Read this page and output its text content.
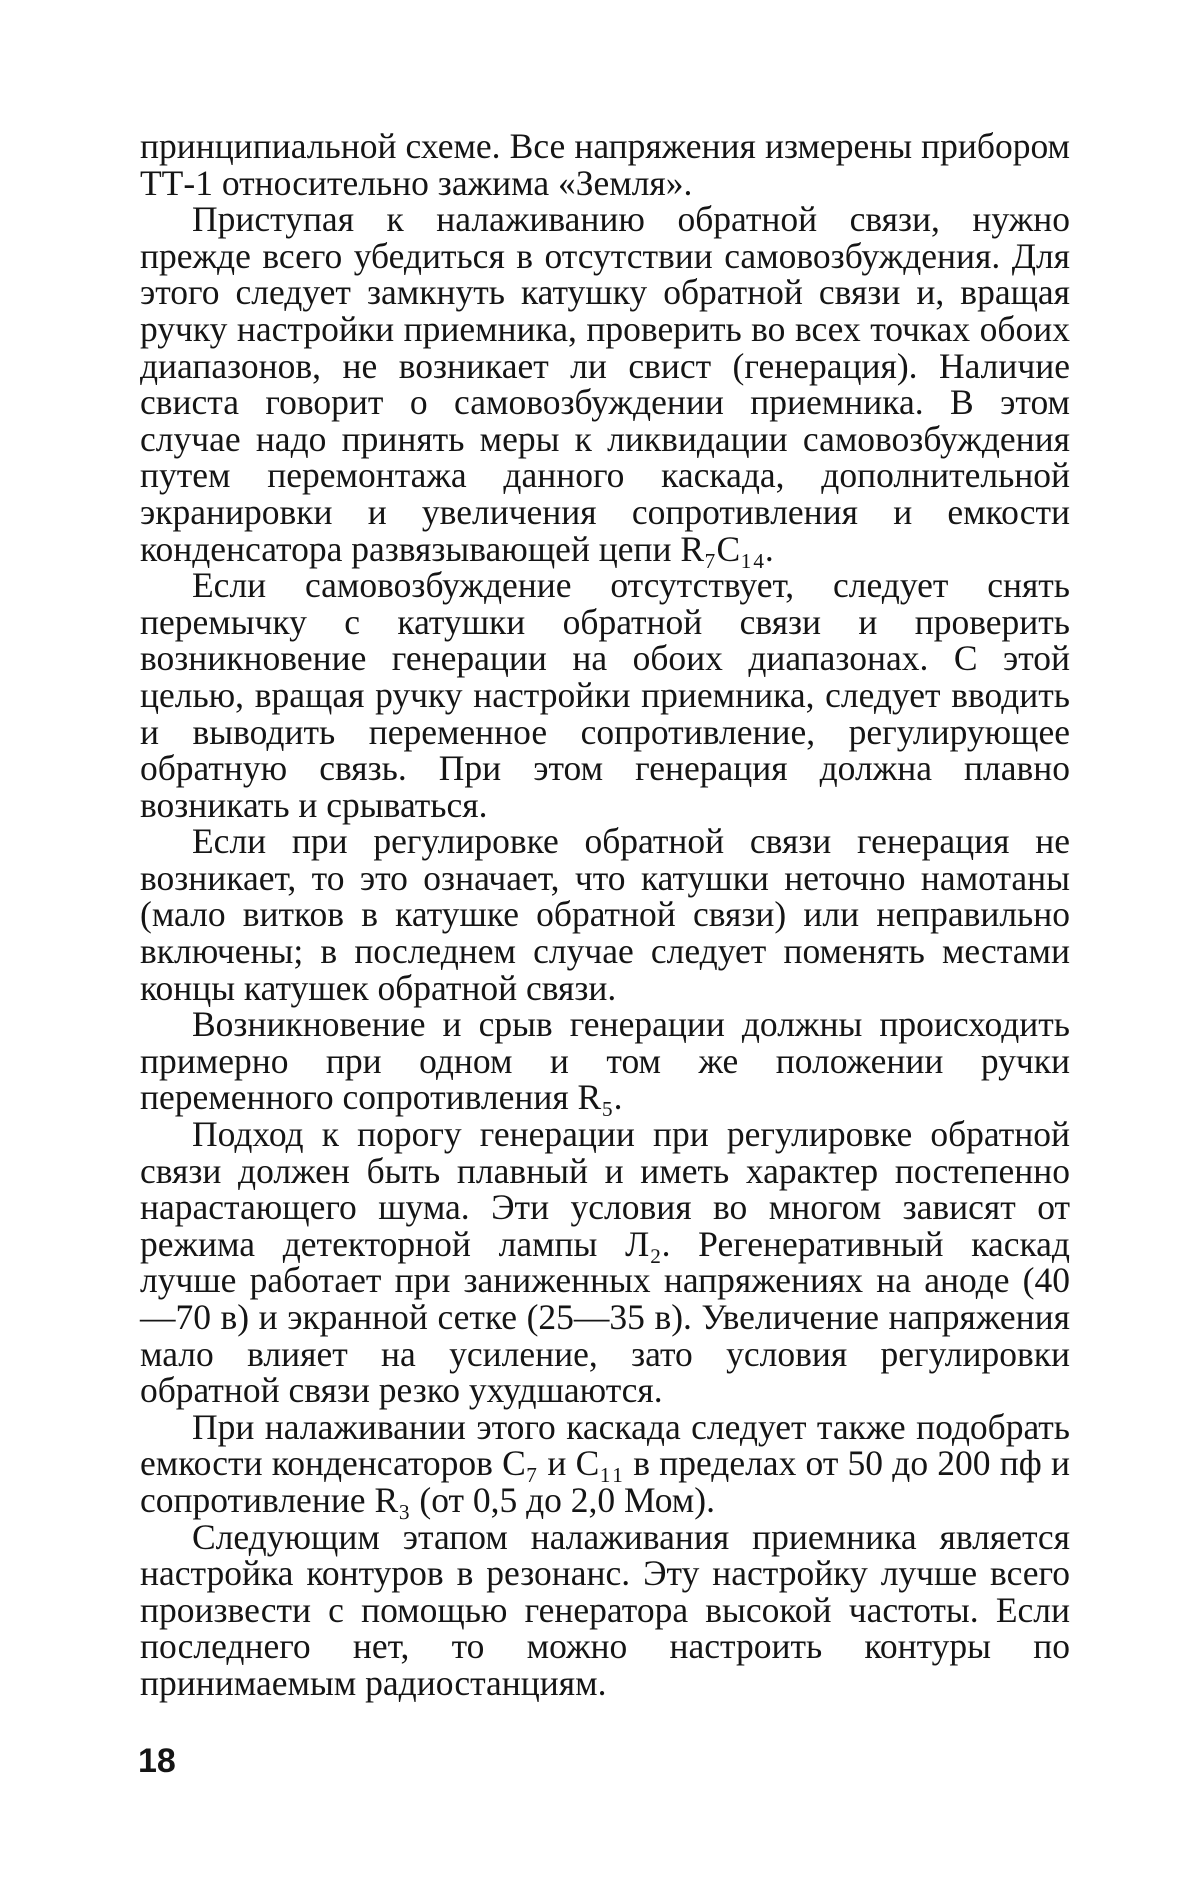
принципиальной схеме. Все напряжения измерены прибором ТТ-1 относительно зажима «Земля».

Приступая к налаживанию обратной связи, нужно прежде всего убедиться в отсутствии самовозбуждения. Для этого следует замкнуть катушку обратной связи и, вращая ручку настройки приемника, проверить во всех точках обоих диапазонов, не возникает ли свист (генерация). Наличие свиста говорит о самовозбуждении приемника. В этом случае надо принять меры к ликвидации самовозбуждения путем перемонтажа данного каскада, дополнительной экранировки и увеличения сопротивления и емкости конденсатора развязывающей цепи R₇C₁₄.

Если самовозбуждение отсутствует, следует снять перемычку с катушки обратной связи и проверить возникновение генерации на обоих диапазонах. С этой целью, вращая ручку настройки приемника, следует вводить и выводить переменное сопротивление, регулирующее обратную связь. При этом генерация должна плавно возникать и срываться.

Если при регулировке обратной связи генерация не возникает, то это означает, что катушки неточно намотаны (мало витков в катушке обратной связи) или неправильно включены; в последнем случае следует поменять местами концы катушек обратной связи.

Возникновение и срыв генерации должны происходить примерно при одном и том же положении ручки переменного сопротивления R₅.

Подход к порогу генерации при регулировке обратной связи должен быть плавный и иметь характер постепенно нарастающего шума. Эти условия во многом зависят от режима детекторной лампы Л₂. Регенеративный каскад лучше работает при заниженных напряжениях на аноде (40—70 в) и экранной сетке (25—35 в). Увеличение напряжения мало влияет на усиление, зато условия регулировки обратной связи резко ухудшаются.

При налаживании этого каскада следует также подобрать емкости конденсаторов C₇ и C₁₁ в пределах от 50 до 200 пф и сопротивление R₃ (от 0,5 до 2,0 Мом).

Следующим этапом налаживания приемника является настройка контуров в резонанс. Эту настройку лучше всего произвести с помощью генератора высокой частоты. Если последнего нет, то можно настроить контуры по принимаемым радиостанциям.

18
